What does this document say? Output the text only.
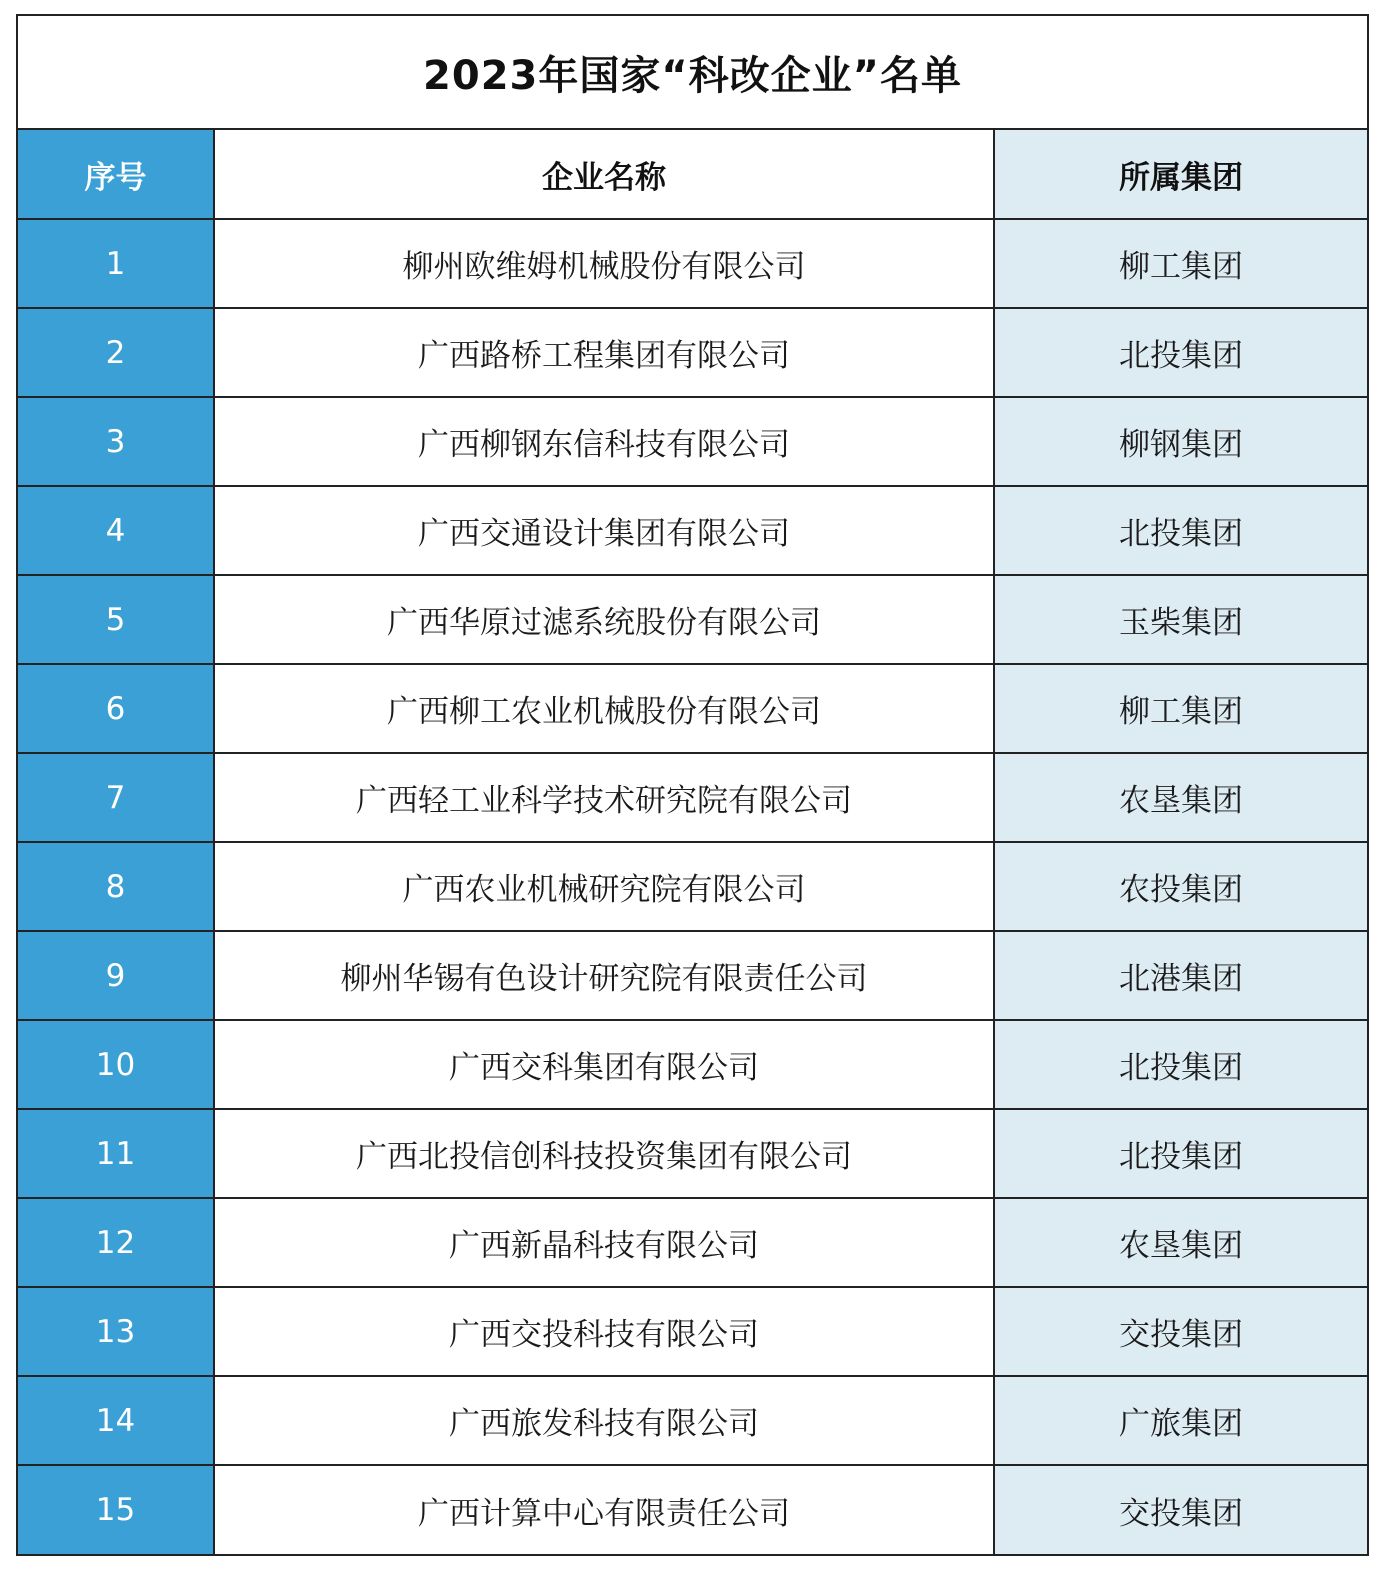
2023年国家“科改企业”名单
序号	企业名称	所属集团
1	柳州欧维姆机械股份有限公司	柳工集团
2	广西路桥工程集团有限公司	北投集团
3	广西柳钢东信科技有限公司	柳钢集团
4	广西交通设计集团有限公司	北投集团
5	广西华原过滤系统股份有限公司	玉柴集团
6	广西柳工农业机械股份有限公司	柳工集团
7	广西轻工业科学技术研究院有限公司	农垦集团
8	广西农业机械研究院有限公司	农投集团
9	柳州华锡有色设计研究院有限责任公司	北港集团
10	广西交科集团有限公司	北投集团
11	广西北投信创科技投资集团有限公司	北投集团
12	广西新晶科技有限公司	农垦集团
13	广西交投科技有限公司	交投集团
14	广西旅发科技有限公司	广旅集团
15	广西计算中心有限责任公司	交投集团
